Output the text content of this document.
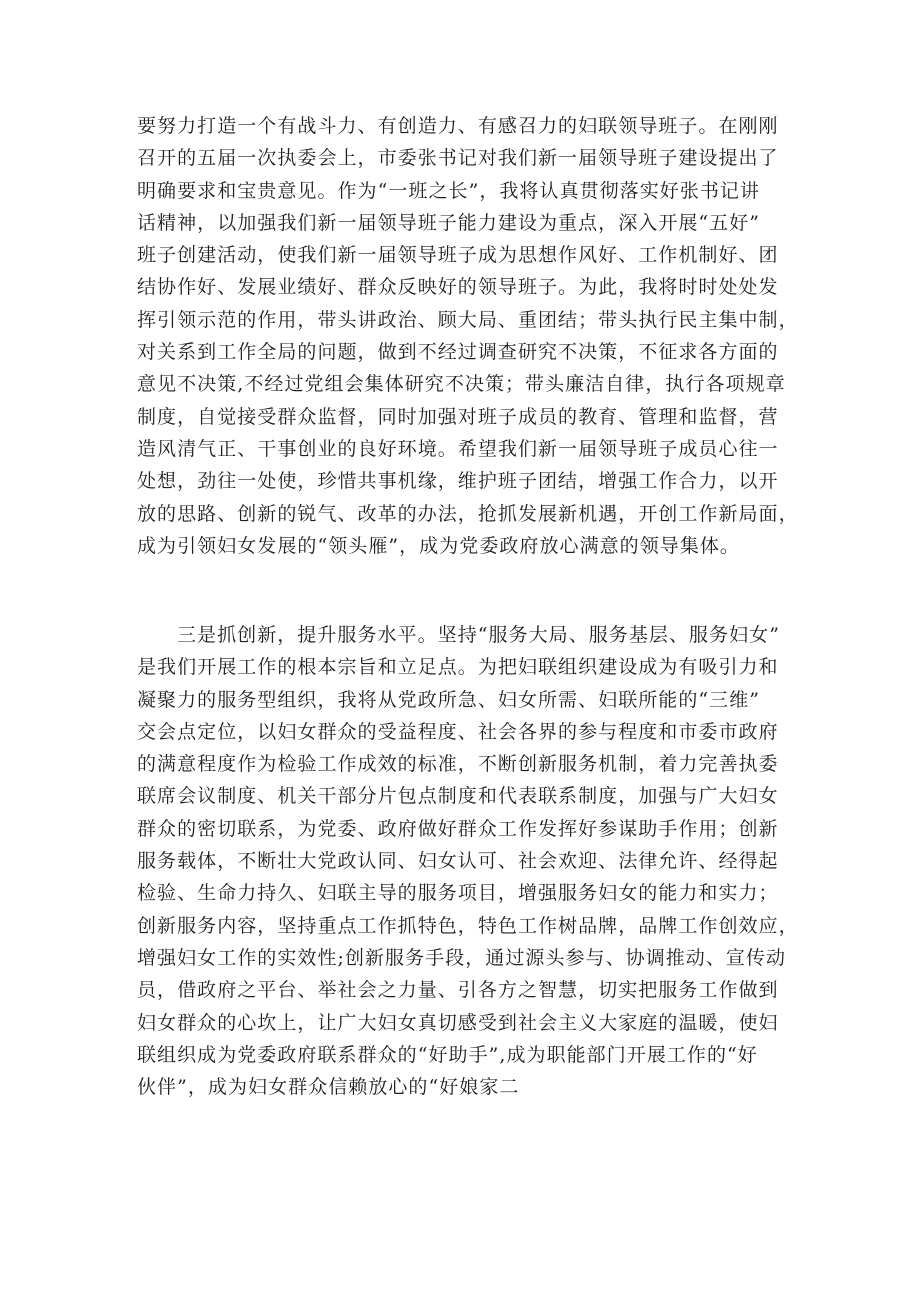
要努力打造一个有战斗力、有创造力、有感召力的妇联领导班子。在刚刚
召开的五届一次执委会上，市委张书记对我们新一届领导班子建设提出了
明确要求和宝贵意见。作为“一班之长”，我将认真贯彻落实好张书记讲
话精神，以加强我们新一届领导班子能力建设为重点，深入开展“五好”
班子创建活动，使我们新一届领导班子成为思想作风好、工作机制好、团
结协作好、发展业绩好、群众反映好的领导班子。为此，我将时时处处发
挥引领示范的作用，带头讲政治、顾大局、重团结；带头执行民主集中制，
对关系到工作全局的问题，做到不经过调查研究不决策，不征求各方面的
意见不决策,不经过党组会集体研究不决策；带头廉洁自律，执行各项规章
制度，自觉接受群众监督，同时加强对班子成员的教育、管理和监督，营
造风清气正、干事创业的良好环境。希望我们新一届领导班子成员心往一
处想，劲往一处使，珍惜共事机缘，维护班子团结，增强工作合力，以开
放的思路、创新的锐气、改革的办法，抢抓发展新机遇，开创工作新局面，
成为引领妇女发展的“领头雁”，成为党委政府放心满意的领导集体。
三是抓创新，提升服务水平。坚持“服务大局、服务基层、服务妇女”
是我们开展工作的根本宗旨和立足点。为把妇联组织建设成为有吸引力和
凝聚力的服务型组织，我将从党政所急、妇女所需、妇联所能的“三维”
交会点定位，以妇女群众的受益程度、社会各界的参与程度和市委市政府
的满意程度作为检验工作成效的标准，不断创新服务机制，着力完善执委
联席会议制度、机关干部分片包点制度和代表联系制度，加强与广大妇女
群众的密切联系，为党委、政府做好群众工作发挥好参谋助手作用；创新
服务载体，不断壮大党政认同、妇女认可、社会欢迎、法律允许、经得起
检验、生命力持久、妇联主导的服务项目，增强服务妇女的能力和实力；
创新服务内容，坚持重点工作抓特色，特色工作树品牌，品牌工作创效应，
增强妇女工作的实效性;创新服务手段，通过源头参与、协调推动、宣传动
员，借政府之平台、举社会之力量、引各方之智慧，切实把服务工作做到
妇女群众的心坎上，让广大妇女真切感受到社会主义大家庭的温暖，使妇
联组织成为党委政府联系群众的“好助手”,成为职能部门开展工作的“好
伙伴”，成为妇女群众信赖放心的“好娘家二
